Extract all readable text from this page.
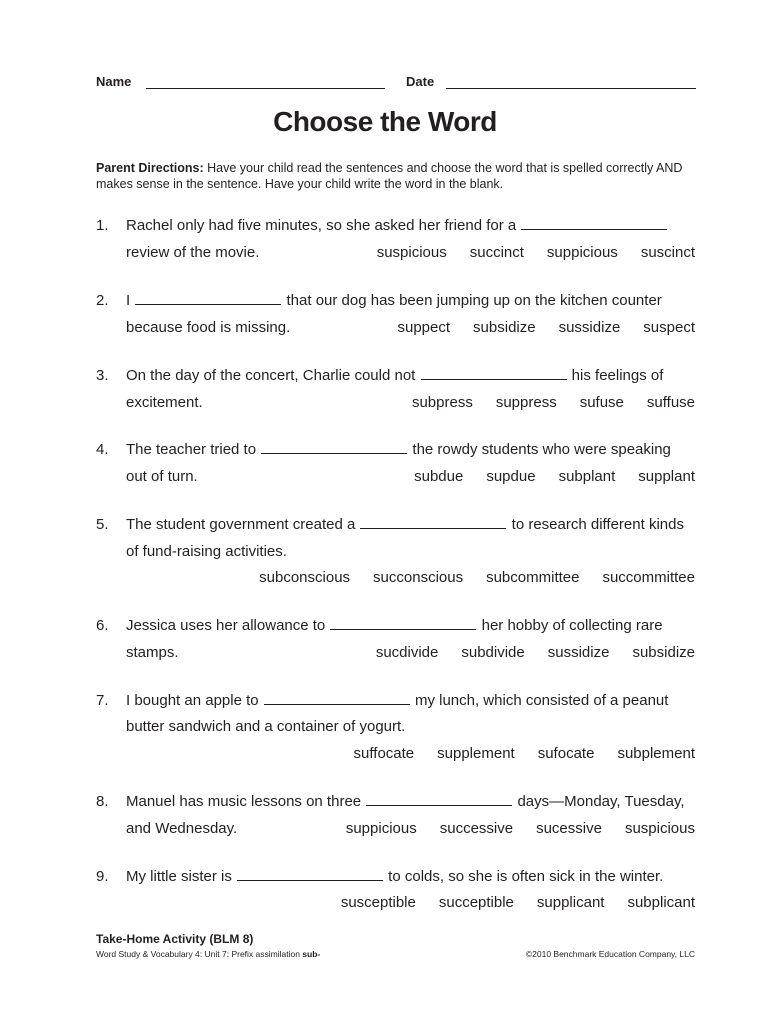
Name	Date
Choose the Word
Parent Directions: Have your child read the sentences and choose the word that is spelled correctly AND makes sense in the sentence. Have your child write the word in the blank.
1. Rachel only had five minutes, so she asked her friend for a
review of the movie.	suspicious succinct suppicious suscinct
2. I	that our dog has been jumping up on the kitchen counter
because food is missing.	suppect subsidize sussidize suspect
3. On the day of the concert, Charlie could not	his feelings of
excitement.	subpress suppress sufuse suffuse
4. The teacher tried to	the rowdy students who were speaking
out of turn.	subdue supdue subplant supplant
5. The student government created a	to research different kinds
of fund-raising activities.
subconscious succonscious subcommittee succommittee
6. Jessica uses her allowance to	her hobby of collecting rare
stamps.	sucdivide subdivide sussidize subsidize
7. I bought an apple to	my lunch, which consisted of a peanut
butter sandwich and a container of yogurt.
suffocate supplement sufocate subplement
8. Manuel has music lessons on three	days—Monday, Tuesday,
and Wednesday.	suppicious successive sucessive suspicious
9. My little sister is	to colds, so she is often sick in the winter.
susceptible succeptible supplicant subplicant
Take-Home Activity (BLM 8)
Word Study & Vocabulary 4: Unit 7: Prefix assimilation sub-	©2010 Benchmark Education Company, LLC
